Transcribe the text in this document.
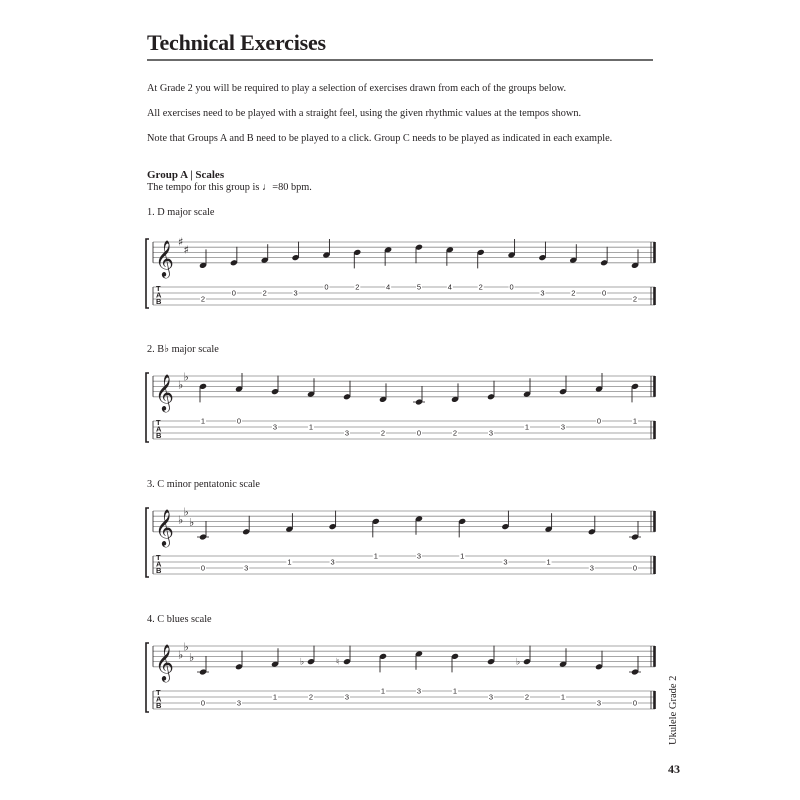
Technical Exercises
At Grade 2 you will be required to play a selection of exercises drawn from each of the groups below.
All exercises need to be played with a straight feel, using the given rhythmic values at the tempos shown.
Note that Groups A and B need to be played to a click. Group C needs to be played as indicated in each example.
Group A | Scales
The tempo for this group is ♩=80 bpm.
1. D major scale
𝄞
T
A
B
♯
♯
2
0	2	3
0	2	4	5	4	2	0
3	2	0
2
2. B♭ major scale
𝄞
T
A
B
♭
♭
1	0
3	1
3	2	0	2	3
1	3
0	1
3. C minor pentatonic scale
𝄞
T
A
B
♭
♭
♭
0	3
1	3
1	3	1
3	1
3	0
4. C blues scale
𝄞
T
A
B
♭
♭
♭
0	3
1
♭
2
♮
3
1	3	1
3
♭
2	1
3	0	Ukulele Grade 2
43
